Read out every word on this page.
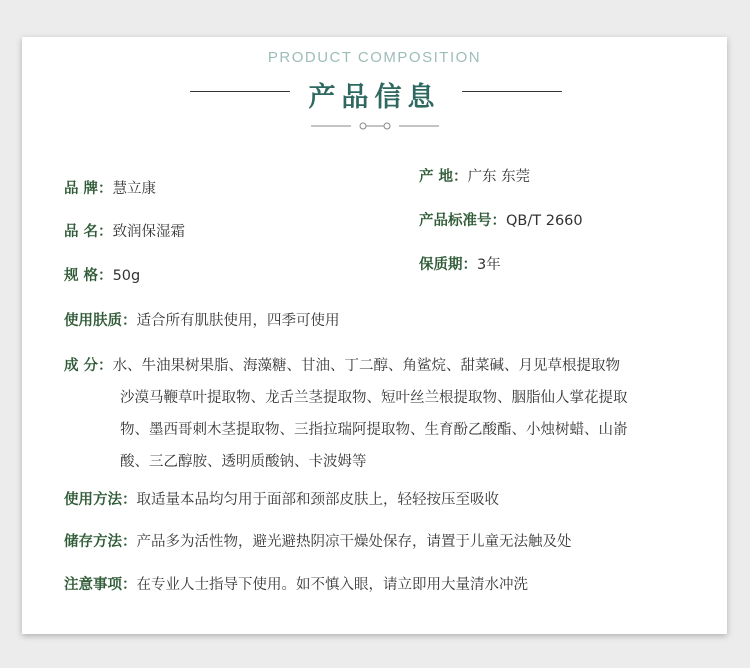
PRODUCT COMPOSITION
产品信息
品 牌：慧立康
品 名：致润保湿霜
规 格：50g
产 地：广东 东莞
产品标准号：QB/T 2660
保质期：3年
使用肤质：适合所有肌肤使用，四季可使用
成 分：水、牛油果树果脂、海藻糖、甘油、丁二醇、角鲨烷、甜菜碱、月见草根提取物
沙漠马鞭草叶提取物、龙舌兰茎提取物、短叶丝兰根提取物、胭脂仙人掌花提取
物、墨西哥刺木茎提取物、三指拉瑞阿提取物、生育酚乙酸酯、小烛树蜡、山嵛
酸、三乙醇胺、透明质酸钠、卡波姆等
使用方法：取适量本品均匀用于面部和颈部皮肤上，轻轻按压至吸收
储存方法：产品多为活性物，避光避热阴凉干燥处保存，请置于儿童无法触及处
注意事项：在专业人士指导下使用。如不慎入眼，请立即用大量清水冲洗
